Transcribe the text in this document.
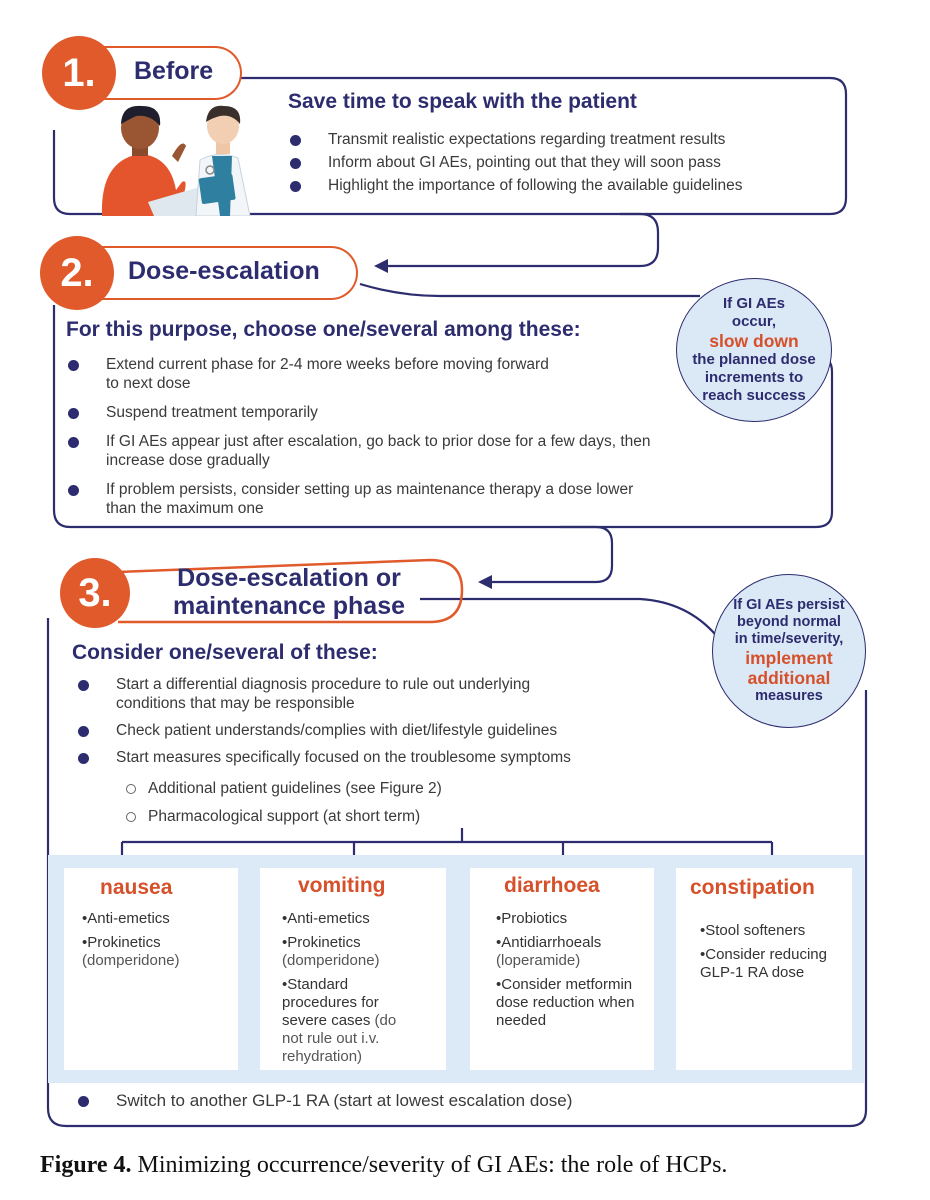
Before
1.
Save time to speak with the patient
Transmit realistic expectations regarding treatment results
Inform about GI AEs, pointing out that they will soon pass
Highlight the importance of following the available guidelines
Dose-escalation
2.
For this purpose, choose one/several among these:
Extend current phase for 2-4 more weeks before moving forward to next dose
Suspend treatment temporarily
If GI AEs appear just after escalation, go back to prior dose for a few days, then increase dose gradually
If problem persists, consider setting up as maintenance therapy a dose lower than the maximum one
If GI AEs occur,
slow down
the planned dose increments to reach success
Dose-escalation or
maintenance phase
3.
Consider one/several of these:
Start a differential diagnosis procedure to rule out underlying conditions that may be responsible
Check patient understands/complies with diet/lifestyle guidelines
Start measures specifically focused on the troublesome symptoms
Additional patient guidelines (see Figure 2)
Pharmacological support (at short term)
If GI AEs persist beyond normal in time/severity,
implement additional
measures
nausea
•Anti-emetics
•Prokinetics
(domperidone)
vomiting
•Anti-emetics
•Prokinetics
(domperidone)
•Standard procedures for severe cases (do not rule out i.v. rehydration)
diarrhoea
•Probiotics
•Antidiarrhoeals
(loperamide)
•Consider metformin dose reduction when needed
constipation
•Stool softeners
•Consider reducing GLP-1 RA dose
Switch to another GLP-1 RA (start at lowest escalation dose)
Figure 4. Minimizing occurrence/severity of GI AEs: the role of HCPs.
